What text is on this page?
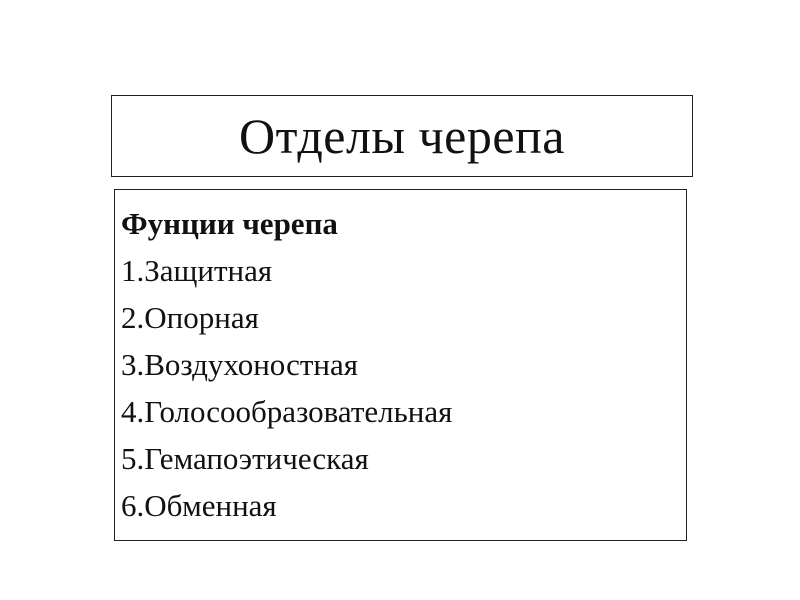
Отделы черепа
Фунции черепа
1.Защитная
2.Опорная
3.Воздухоностная
4.Голосообразовательная
5.Гемапоэтическая
6.Обменная
